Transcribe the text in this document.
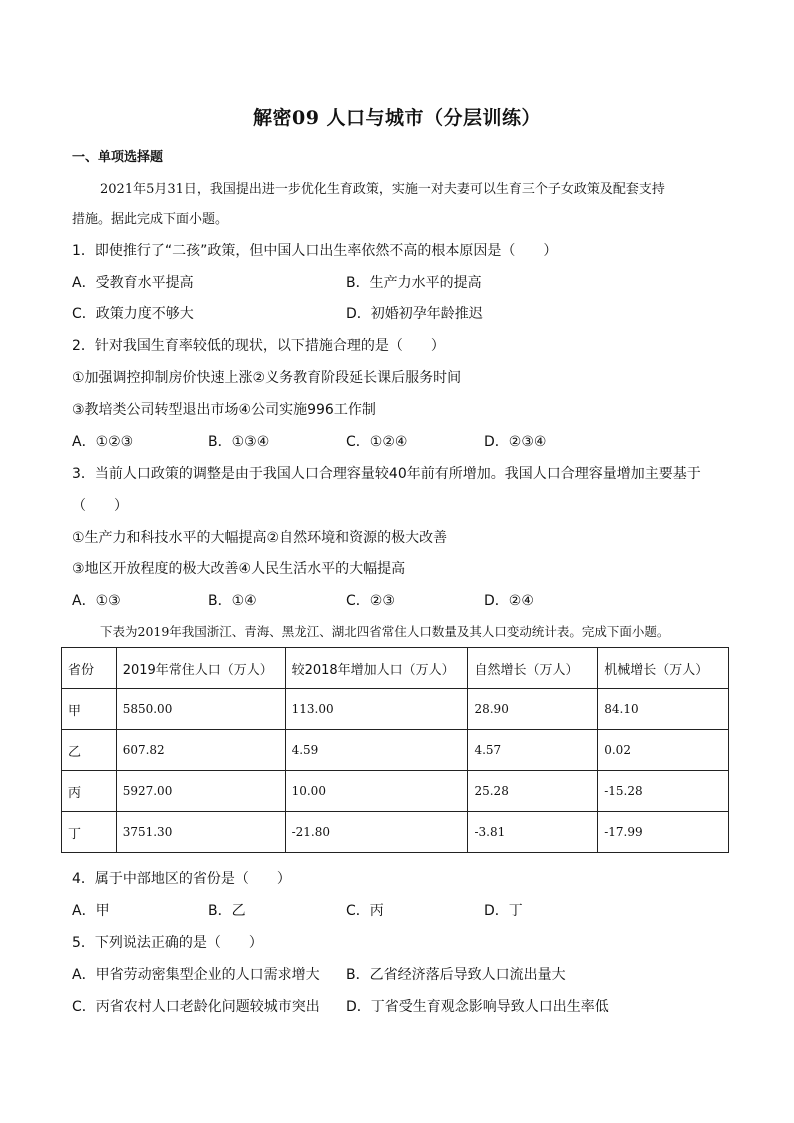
解密09 人口与城市（分层训练）
一、单项选择题
2021年5月31日，我国提出进一步优化生育政策，实施一对夫妻可以生育三个子女政策及配套支持
措施。据此完成下面小题。
1．即使推行了“二孩”政策，但中国人口出生率依然不高的根本原因是（　　）
A．受教育水平提高	B．生产力水平的提高
C．政策力度不够大	D．初婚初孕年龄推迟
2．针对我国生育率较低的现状，以下措施合理的是（　　）
①加强调控抑制房价快速上涨②义务教育阶段延长课后服务时间
③教培类公司转型退出市场④公司实施996工作制
A．①②③	B．①③④	C．①②④	D．②③④
3．当前人口政策的调整是由于我国人口合理容量较40年前有所增加。我国人口合理容量增加主要基于
（　　）
①生产力和科技水平的大幅提高②自然环境和资源的极大改善
③地区开放程度的极大改善④人民生活水平的大幅提高
A．①③	B．①④	C．②③	D．②④
下表为2019年我国浙江、青海、黑龙江、湖北四省常住人口数量及其人口变动统计表。完成下面小题。
省份	2019年常住人口（万人）	较2018年增加人口（万人）	自然增长（万人）	机械增长（万人）
甲	5850.00	113.00	28.90	84.10
乙	607.82	4.59	4.57	0.02
丙	5927.00	10.00	25.28	-15.28
丁	3751.30	-21.80	-3.81	-17.99
4．属于中部地区的省份是（　　）
A．甲	B．乙	C．丙	D．丁
5．下列说法正确的是（　　）
A．甲省劳动密集型企业的人口需求增大 B．乙省经济落后导致人口流出量大
C．丙省农村人口老龄化问题较城市突出 D．丁省受生育观念影响导致人口出生率低
